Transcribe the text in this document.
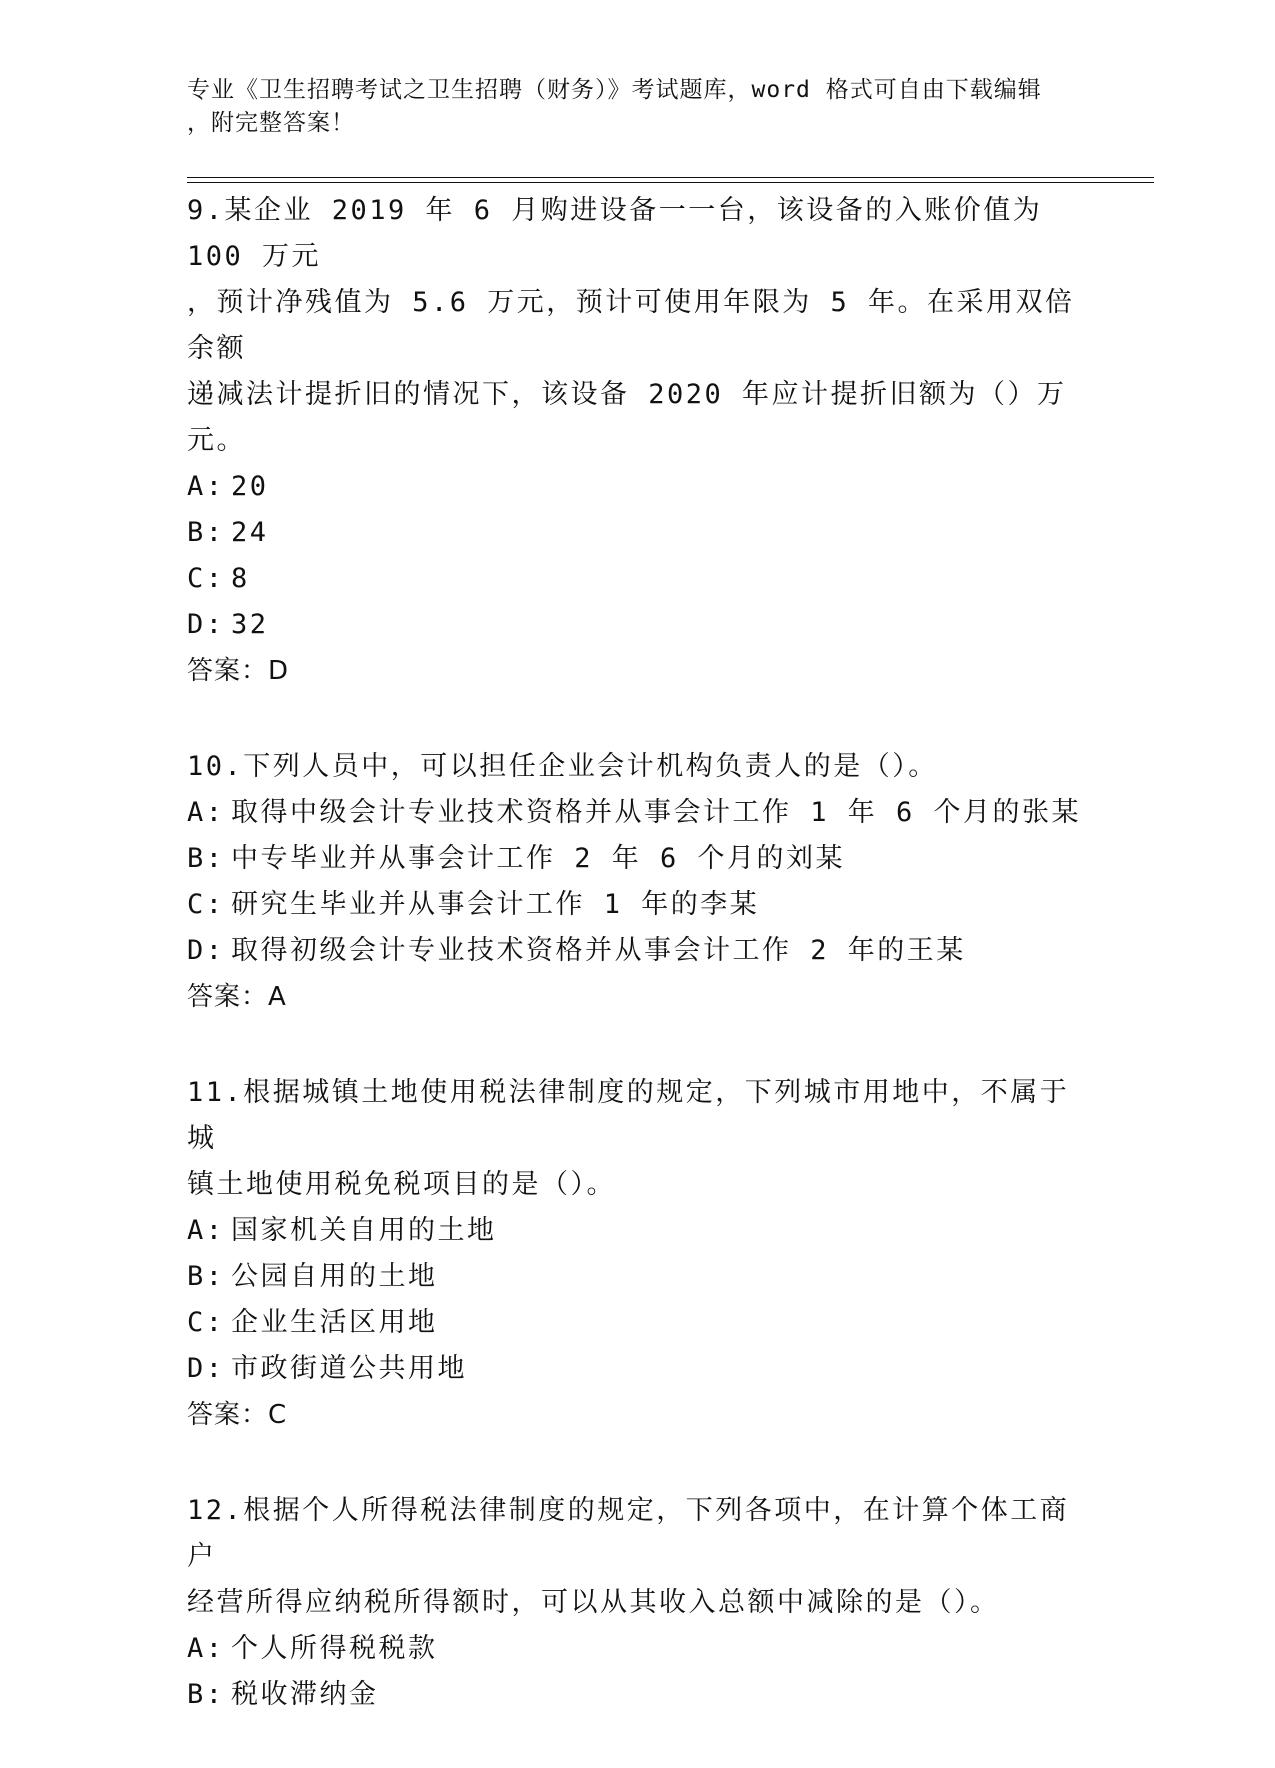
专业《卫生招聘考试之卫生招聘（财务）》考试题库，word 格式可自由下载编辑
，附完整答案！
9.某企业 2019 年 6 月购进设备一一台，该设备的入账价值为 100 万元
，预计净残值为 5.6 万元，预计可使用年限为 5 年。在采用双倍余额
递减法计提折旧的情况下，该设备 2020 年应计提折旧额为（）万元。
A: 20
B: 24
C: 8
D: 32
答案：D
10.下列人员中，可以担任企业会计机构负责人的是（）。
A: 取得中级会计专业技术资格并从事会计工作 1 年 6 个月的张某
B: 中专毕业并从事会计工作 2 年 6 个月的刘某
C: 研究生毕业并从事会计工作 1 年的李某
D: 取得初级会计专业技术资格并从事会计工作 2 年的王某
答案：A
11.根据城镇土地使用税法律制度的规定，下列城市用地中，不属于城
镇土地使用税免税项目的是（）。
A: 国家机关自用的土地
B: 公园自用的土地
C: 企业生活区用地
D: 市政街道公共用地
答案：C
12.根据个人所得税法律制度的规定，下列各项中，在计算个体工商户
经营所得应纳税所得额时，可以从其收入总额中减除的是（）。
A: 个人所得税税款
B: 税收滞纳金
